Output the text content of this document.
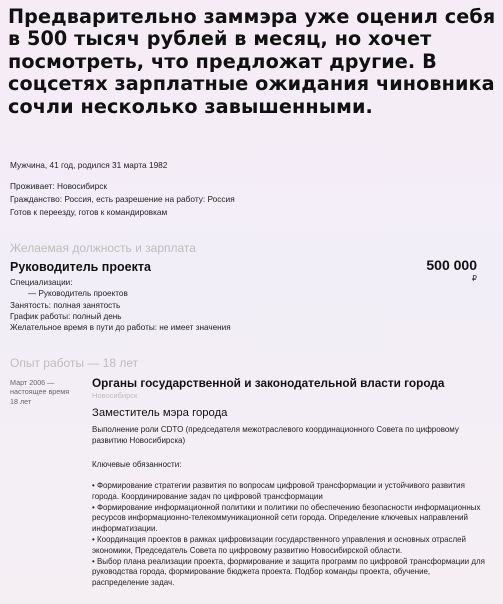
Предварительно заммэра уже оценил себя в 500 тысяч рублей в месяц, но хочет посмотреть, что предложат другие. В соцсетях зарплатные ожидания чиновника сочли несколько завышенными.
Мужчина, 41 год, родился 31 марта 1982
Проживает: Новосибирск
Гражданство: Россия, есть разрешение на работу: Россия
Готов к переезду, готов к командировкам
Желаемая должность и зарплата
Руководитель проекта	500 000
₽
Специализации:
— Руководитель проектов
Занятость: полная занятость
График работы: полный день
Желательное время в пути до работы: не имеет значения
Опыт работы — 18 лет
Март 2006 —
настоящее время
18 лет
Органы государственной и законодательной власти города
Новосибирск
Заместитель мэра города
Выполнение роли CDTO (председателя межотраслевого координационного Совета по цифровому развитию Новосибирска)
Ключевые обязанности:
• Формирование стратегии развития по вопросам цифровой трансформации и устойчивого развития города. Координирование задач по цифровой трансформации
• Формирование информационной политики и политики по обеспечению безопасности информационных ресурсов информационно-телекоммуникационной сети города. Определение ключевых направлений информатизации.
• Координация проектов в рамках цифровизации государственного управления и основных отраслей экономики, Председатель Совета по цифровому развитию Новосибирской области.
• Выбор плана реализации проекта, формирование и защита программ по цифровой трансформации для руководства города, формирование бюджета проекта. Подбор команды проекта, обучение, распределение задач.
